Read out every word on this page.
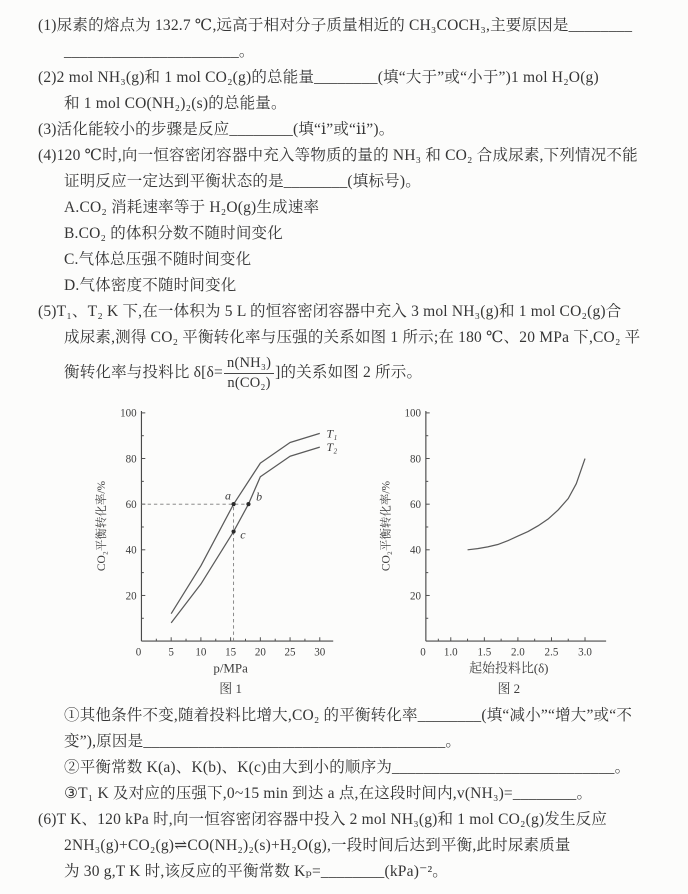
(1)尿素的熔点为 132.7 ℃,远高于相对分子质量相近的 CH₃COCH₃,主要原因是________
______________________。
(2)2 mol NH₃(g)和 1 mol CO₂(g)的总能量________(填“大于”或“小于”)1 mol H₂O(g)
和 1 mol CO(NH₂)₂(s)的总能量。
(3)活化能较小的步骤是反应________(填“ⅰ”或“ⅱ”)。
(4)120 ℃时,向一恒容密闭容器中充入等物质的量的 NH₃ 和 CO₂ 合成尿素,下列情况不能
证明反应一定达到平衡状态的是________(填标号)。
A.CO₂ 消耗速率等于 H₂O(g)生成速率
B.CO₂ 的体积分数不随时间变化
C.气体总压强不随时间变化
D.气体密度不随时间变化
(5)T₁、T₂ K 下,在一体积为 5 L 的恒容密闭容器中充入 3 mol NH₃(g)和 1 mol CO₂(g)合
成尿素,测得 CO₂ 平衡转化率与压强的关系如图 1 所示;在 180 ℃、20 MPa 下,CO₂ 平
衡转化率与投料比 $\delta[\delta= \frac{\text{n(NH₃)}}{\text{n(CO₂)}}$ ]的关系如图 2 所示。
0 5 10 15 20 25 30
20
40
60
80
100
T₁
T₂
a b
c
p/MPa
图 1
CO₂平衡转化率/%
0 1.0 1.5 2.0 2.5 3.0
20
40
60
80
100
起始投料比(δ)
图 2
CO₂平衡转化率/%
①其他条件不变,随着投料比增大,CO₂ 的平衡转化率________(填“减小”“增大”或“不
变”),原因是______________________________________。
②平衡常数 K(a)、K(b)、K(c)由大到小的顺序为____________________________。
③T₁ K 及对应的压强下,0~15 min 到达 a 点,在这段时间内,v(NH₃)=________。
(6)T K、120 kPa 时,向一恒容密闭容器中投入 2 mol NH₃(g)和 1 mol CO₂(g)发生反应
2NH₃(g)+CO₂(g)⇌CO(NH₂)₂(s)+H₂O(g),一段时间后达到平衡,此时尿素质量
为 30 g,T K 时,该反应的平衡常数 Kₚ=________(kPa)⁻²。
